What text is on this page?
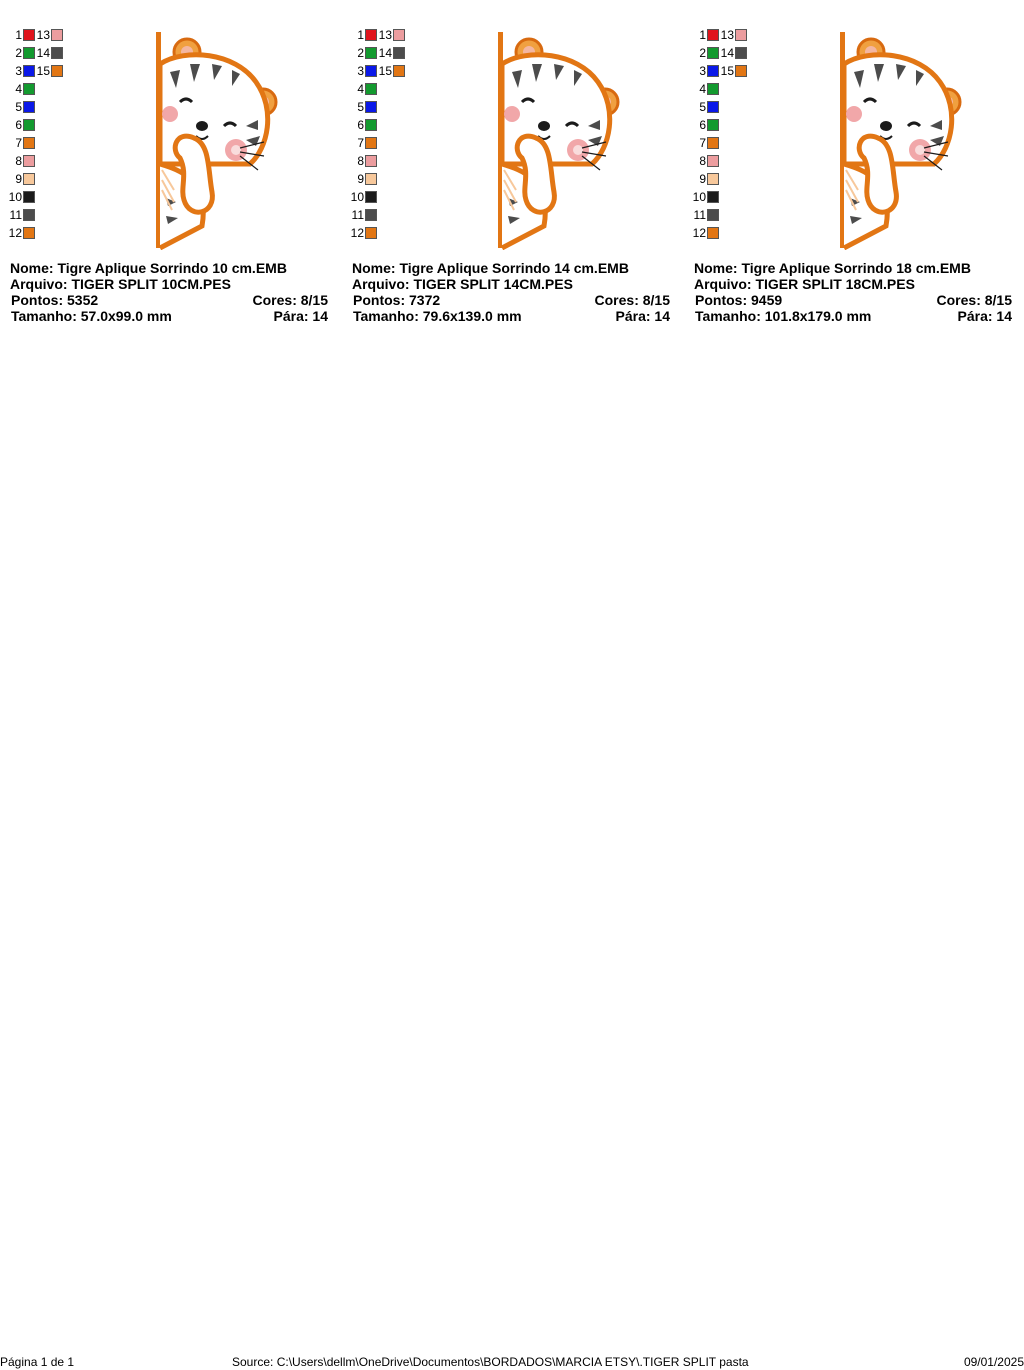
1
2
3
4
5
6
7
8
9
10
11
12
13
14
15
Nome: Tigre Aplique Sorrindo 10 cm.EMB
Arquivo: TIGER SPLIT 10CM.PES
Pontos: 5352	Cores: 8/15
Tamanho: 57.0x99.0 mm	Pára: 14
1
2
3
4
5
6
7
8
9
10
11
12
13
14
15
Nome: Tigre Aplique Sorrindo 14 cm.EMB
Arquivo: TIGER SPLIT 14CM.PES
Pontos: 7372	Cores: 8/15
Tamanho: 79.6x139.0 mm	Pára: 14
1
2
3
4
5
6
7
8
9
10
11
12
13
14
15
Nome: Tigre Aplique Sorrindo 18 cm.EMB
Arquivo: TIGER SPLIT 18CM.PES
Pontos: 9459	Cores: 8/15
Tamanho: 101.8x179.0 mm	Pára: 14
Página 1 de 1	Source: C:\Users\dellm\OneDrive\Documentos\BORDADOS\MARCIA ETSY\.TIGER SPLIT pasta	09/01/2025
